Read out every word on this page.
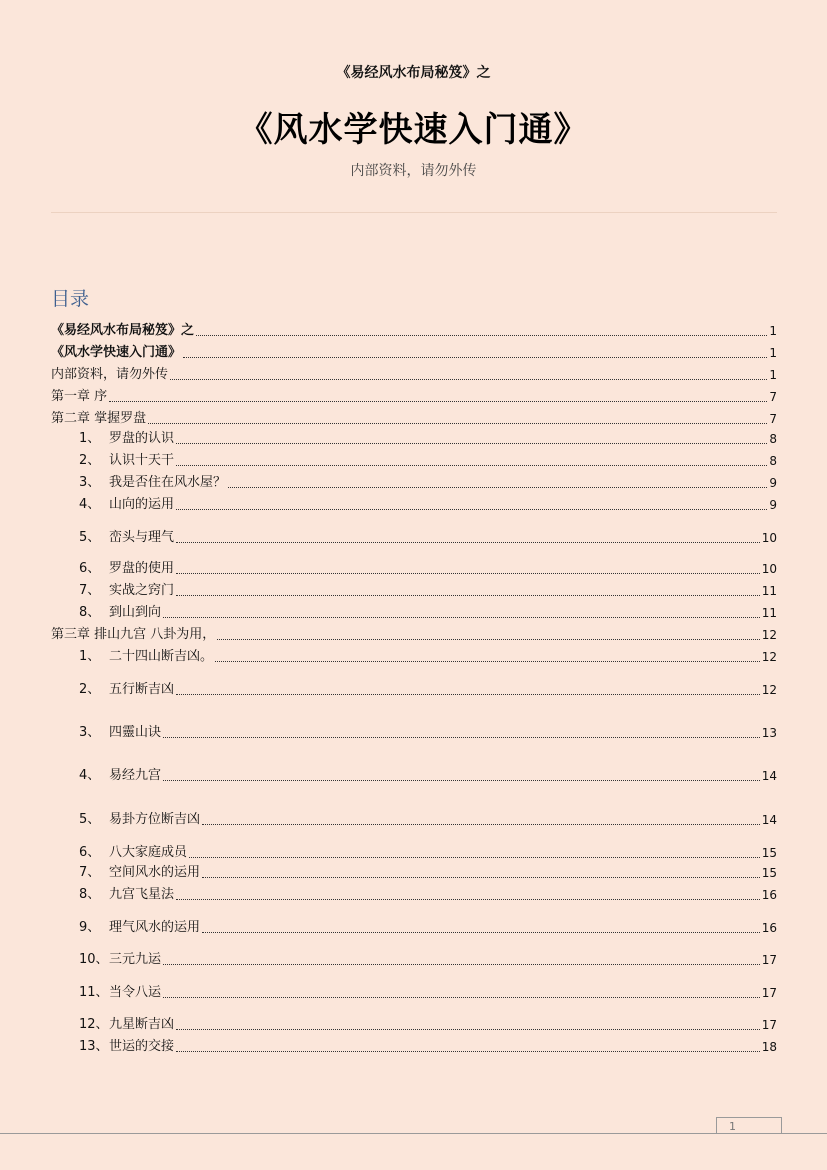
《易经风水布局秘笈》之
《风水学快速入门通》
内部资料，请勿外传
目录
《易经风水布局秘笈》之	1
《风水学快速入门通》	1
内部资料，请勿外传	1
第一章 序	7
第二章 掌握罗盘	7
1、 罗盘的认识	8
2、 认识十天干	8
3、 我是否住在风水屋？	9
4、 山向的运用	9
5、 峦头与理气	10
6、 罗盘的使用	10
7、 实战之窍门	11
8、 到山到向	11
第三章 排山九宫 八卦为用，	12
1、 二十四山断吉凶。	12
2、 五行断吉凶	12
3、 四靈山诀	13
4、 易经九宫	14
5、 易卦方位断吉凶	14
6、 八大家庭成员	15
7、 空间风水的运用	15
8、 九宫飞星法	16
9、 理气风水的运用	16
10、三元九运	17
11、当令八运	17
12、九星断吉凶	17
13、世运的交接	18
1
